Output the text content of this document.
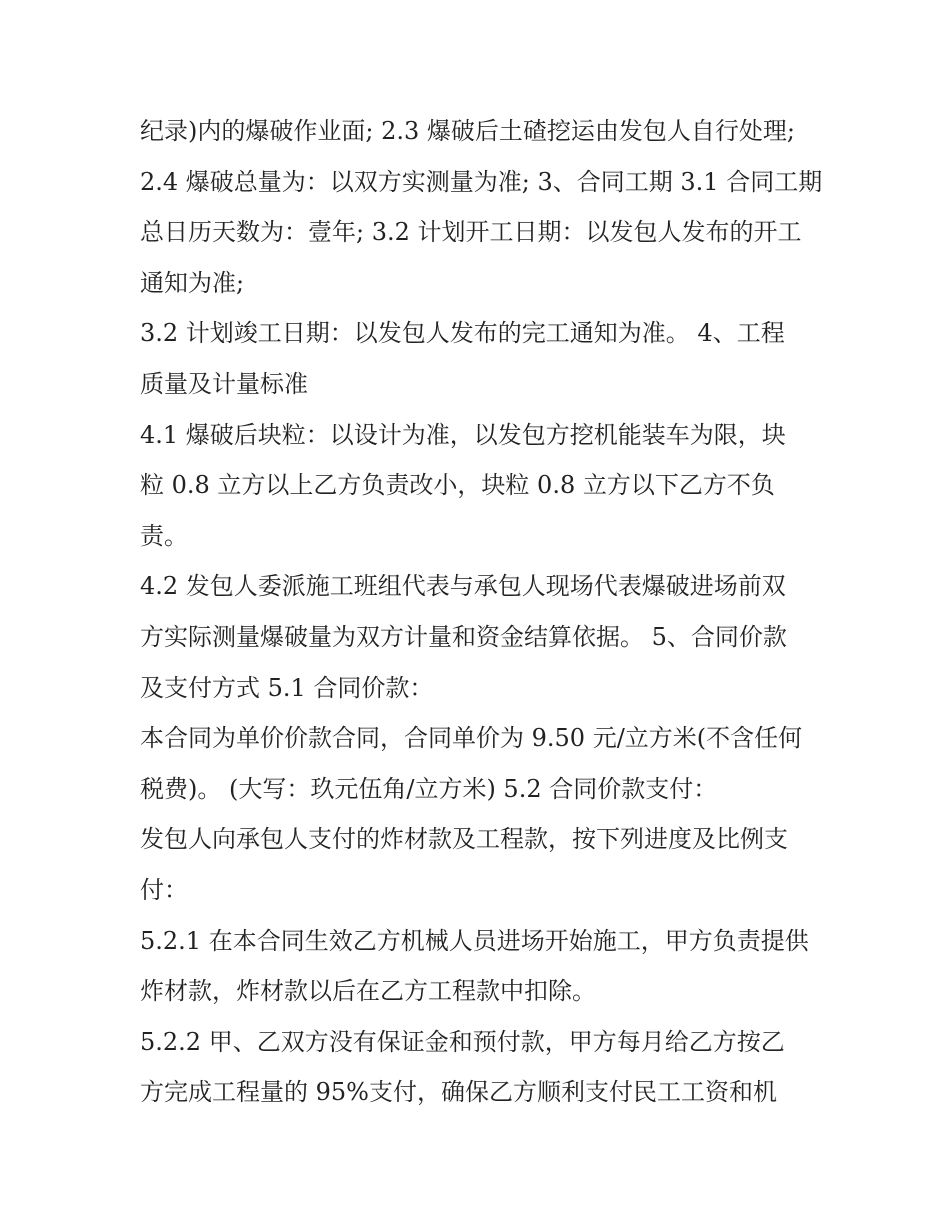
纪录)内的爆破作业面; 2.3 爆破后土碴挖运由发包人自行处理;
2.4 爆破总量为：以双方实测量为准; 3、合同工期 3.1 合同工期
总日历天数为：壹年; 3.2 计划开工日期：以发包人发布的开工
通知为准;
3.2 计划竣工日期：以发包人发布的完工通知为准。 4、工程
质量及计量标准
4.1 爆破后块粒：以设计为准，以发包方挖机能装车为限，块
粒 0.8 立方以上乙方负责改小，块粒 0.8 立方以下乙方不负
责。
4.2 发包人委派施工班组代表与承包人现场代表爆破进场前双
方实际测量爆破量为双方计量和资金结算依据。 5、合同价款
及支付方式 5.1 合同价款：
本合同为单价价款合同，合同单价为 9.50 元/立方米(不含任何
税费)。 (大写：玖元伍角/立方米) 5.2 合同价款支付：
发包人向承包人支付的炸材款及工程款，按下列进度及比例支
付：
5.2.1 在本合同生效乙方机械人员进场开始施工，甲方负责提供
炸材款，炸材款以后在乙方工程款中扣除。
5.2.2 甲、乙双方没有保证金和预付款，甲方每月给乙方按乙
方完成工程量的 95%支付，确保乙方顺利支付民工工资和机
